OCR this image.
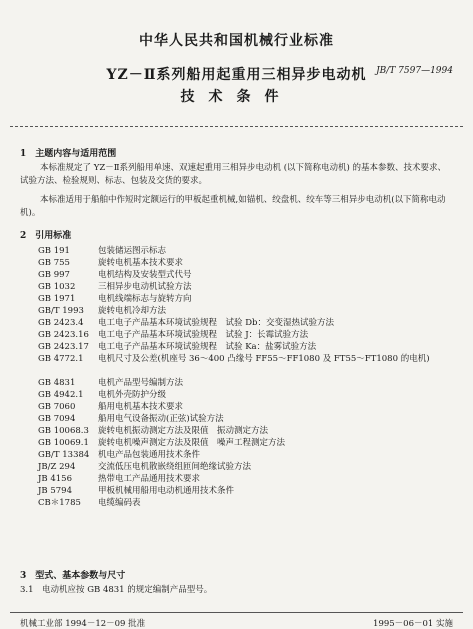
中华人民共和国机械行业标准
JB/T 7597—1994
YZ－Ⅱ系列船用起重用三相异步电动机
技术条件
1　主题内容与适用范围
本标准规定了 YZ－Ⅱ系列船用单速、双速起重用三相异步电动机 (以下简称电动机) 的基本参数、技术要求、试验方法、检验规则、标志、包装及交货的要求。
本标准适用于船舶中作短时定额运行的甲板起重机械,如锚机、绞盘机、绞车等三相异步电动机(以下简称电动机)。
2　引用标准
GB 191	包装储运图示标志
GB 755	旋转电机基本技术要求
GB 997	电机结构及安装型式代号
GB 1032	三相异步电动机试验方法
GB 1971	电机线端标志与旋转方向
GB/T 1993	旋转电机冷却方法
GB 2423.4	电工电子产品基本环境试验规程　试验 Db：交变湿热试验方法
GB 2423.16	电工电子产品基本环境试验规程　试验 J：长霉试验方法
GB 2423.17	电工电子产品基本环境试验规程　试验 Ka：盐雾试验方法
GB 4772.1	电机尺寸及公差(机座号 36～400 凸缘号 FF55～FF1080 及 FT55～FT1080 的电机)
GB 4831	电机产品型号编制方法
GB 4942.1	电机外壳防护分级
GB 7060	船用电机基本技术要求
GB 7094	船用电气设备振动(正弦)试验方法
GB 10068.3	旋转电机振动测定方法及限值　振动测定方法
GB 10069.1	旋转电机噪声测定方法及限值　噪声工程测定方法
GB/T 13384	机电产品包装通用技术条件
JB/Z 294	交流低压电机散嵌绕组匝间绝缘试验方法
JB 4156	热带电工产品通用技术要求
JB 5794	甲板机械用船用电动机通用技术条件
CB＊1785	电缆编码表
3　型式、基本参数与尺寸
3.1　电动机应按 GB 4831 的规定编制产品型号。
机械工业部 1994－12－09 批准	1995－06－01 实施
